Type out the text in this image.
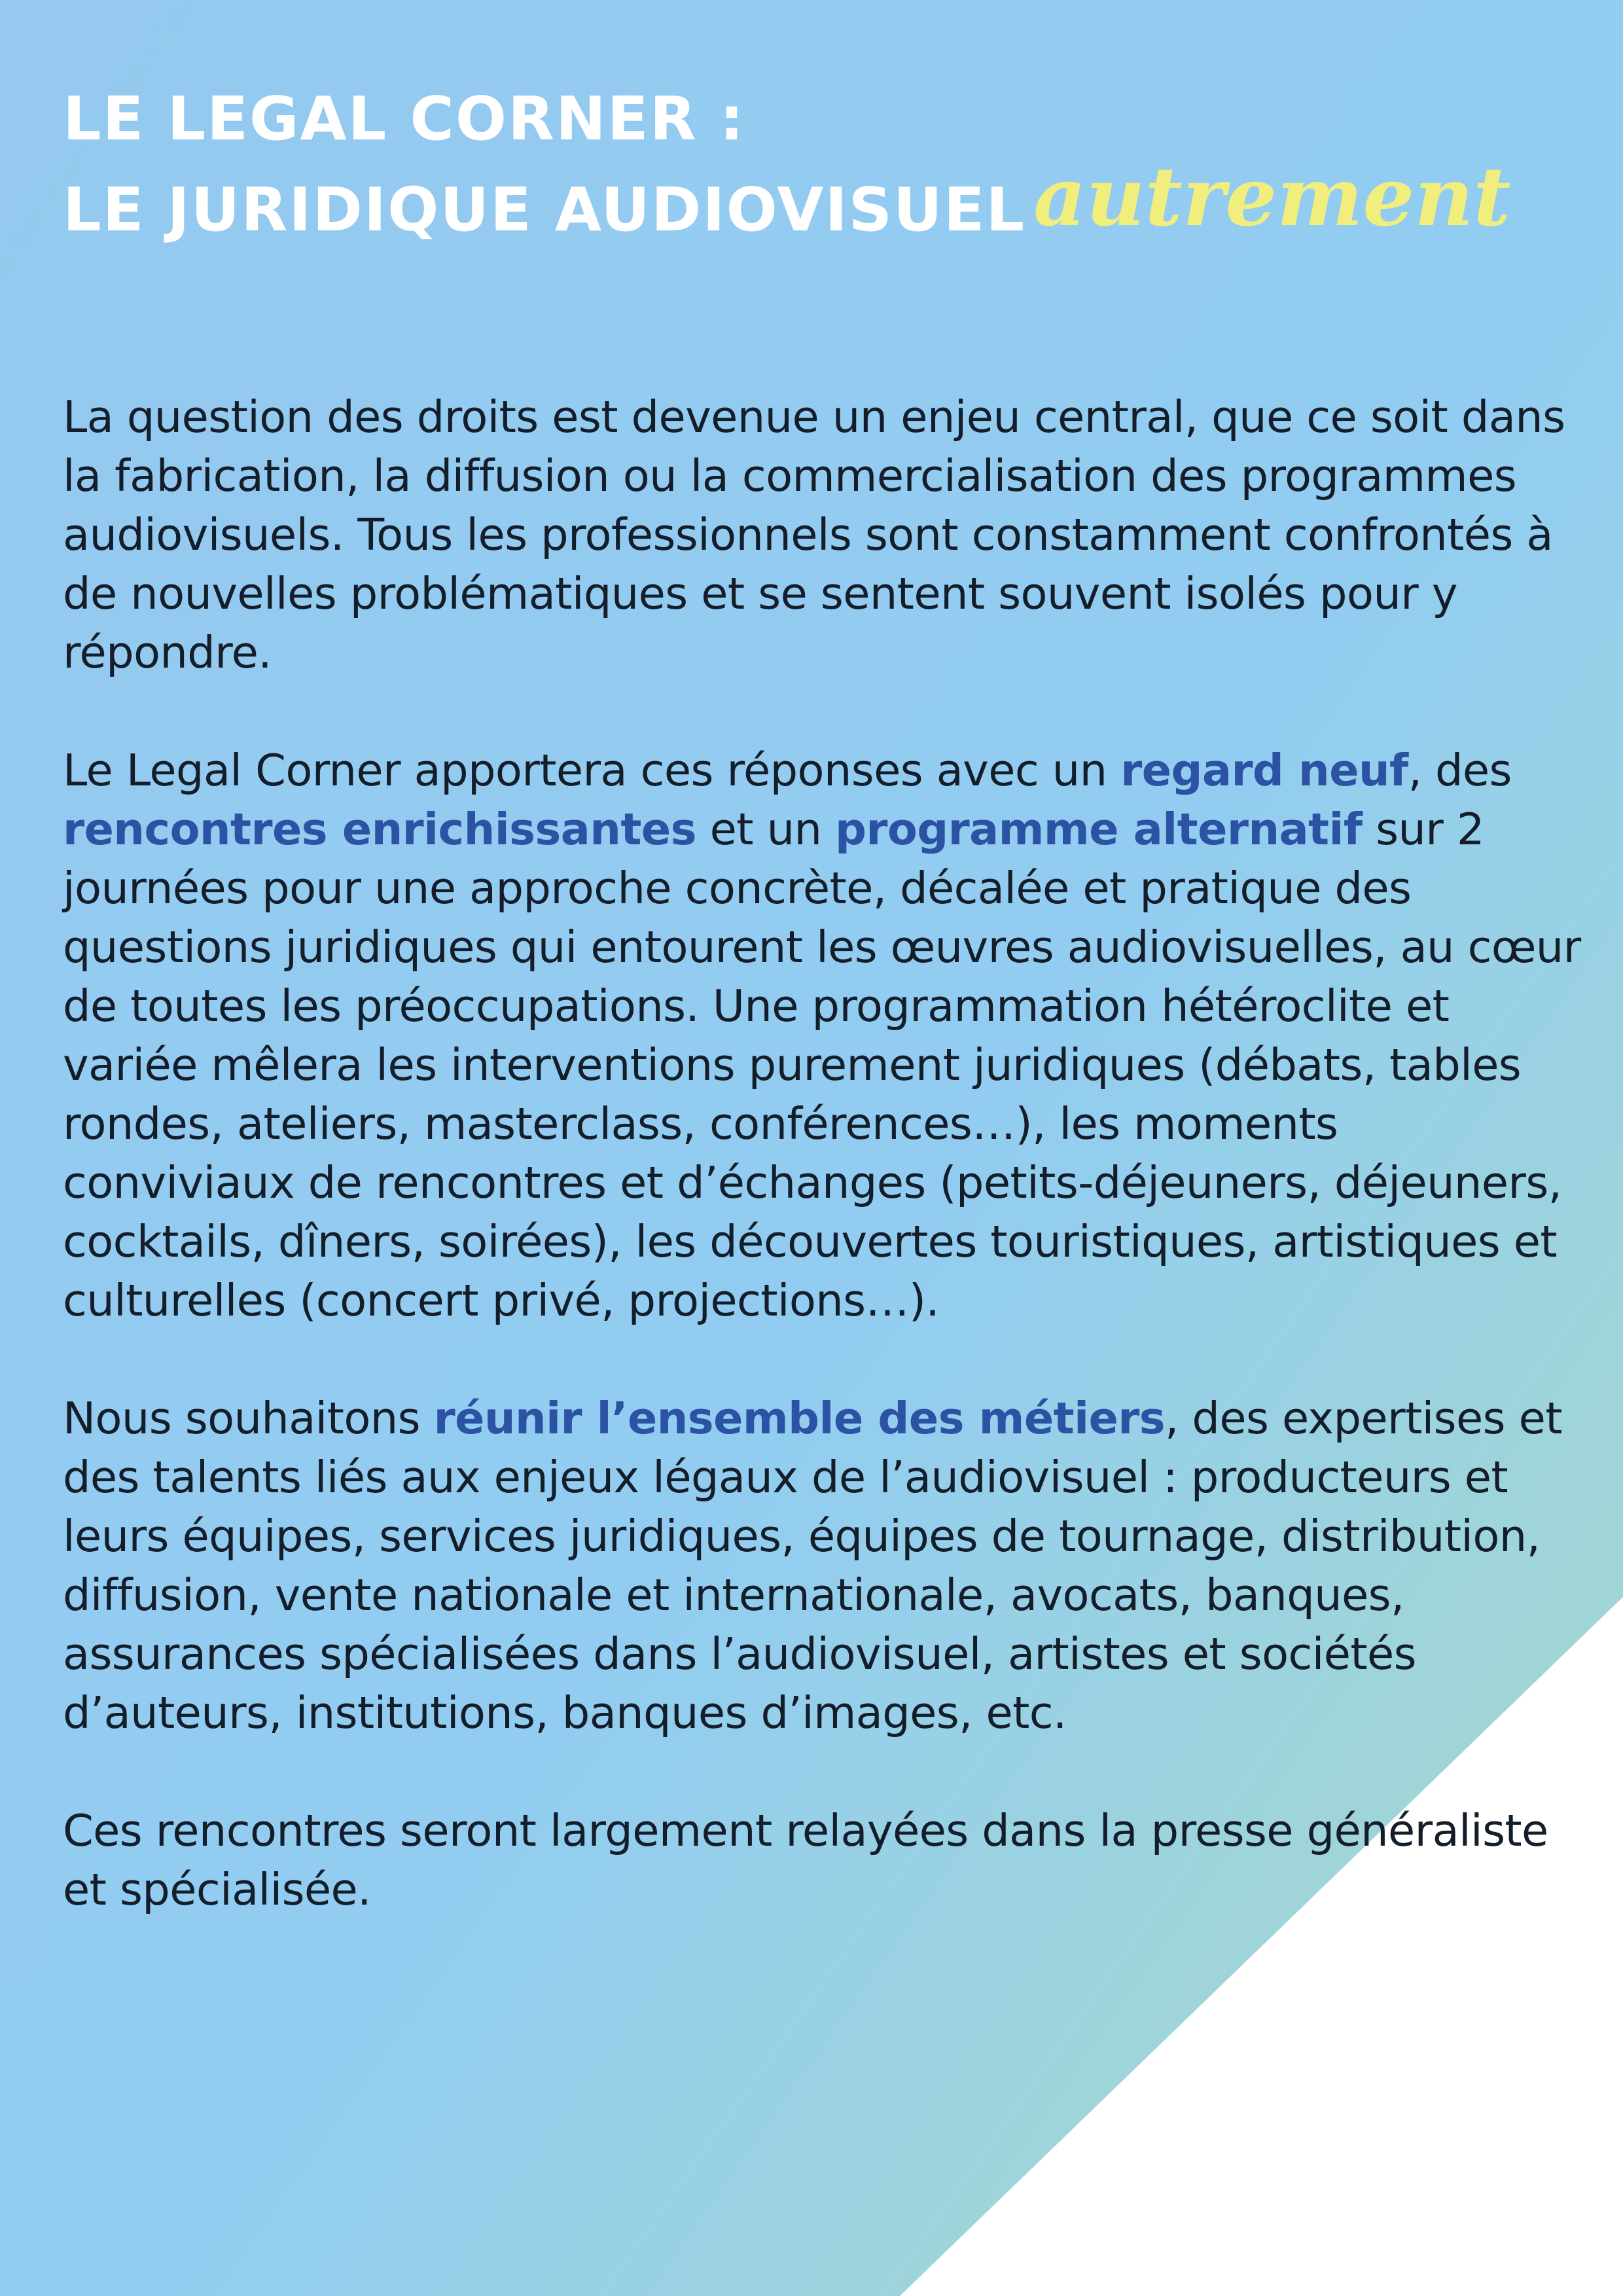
LE LEGAL CORNER :
LE JURIDIQUE AUDIOVISUELautrement

La question des droits est devenue un enjeu central, que ce soit dans la fabrication, la diffusion ou la commercialisation des programmes audiovisuels. Tous les professionnels sont constamment confrontés à de nouvelles problématiques et se sentent souvent isolés pour y répondre.

Le Legal Corner apportera ces réponses avec un regard neuf, des rencontres enrichissantes et un programme alternatif sur 2 journées pour une approche concrète, décalée et pratique des questions juridiques qui entourent les œuvres audiovisuelles, au cœur de toutes les préoccupations. Une programmation hétéroclite et variée mêlera les interventions purement juridiques (débats, tables rondes, ateliers, masterclass, conférences…), les moments conviviaux de rencontres et d’échanges (petits-déjeuners, déjeuners, cocktails, dîners, soirées), les découvertes touristiques, artistiques et culturelles (concert privé, projections…).

Nous souhaitons réunir l’ensemble des métiers, des expertises et des talents liés aux enjeux légaux de l’audiovisuel : producteurs et leurs équipes, services juridiques, équipes de tournage, distribution, diffusion, vente nationale et internationale, avocats, banques, assurances spécialisées dans l’audiovisuel, artistes et sociétés d’auteurs, institutions, banques d’images, etc.

Ces rencontres seront largement relayées dans la presse généraliste et spécialisée.
